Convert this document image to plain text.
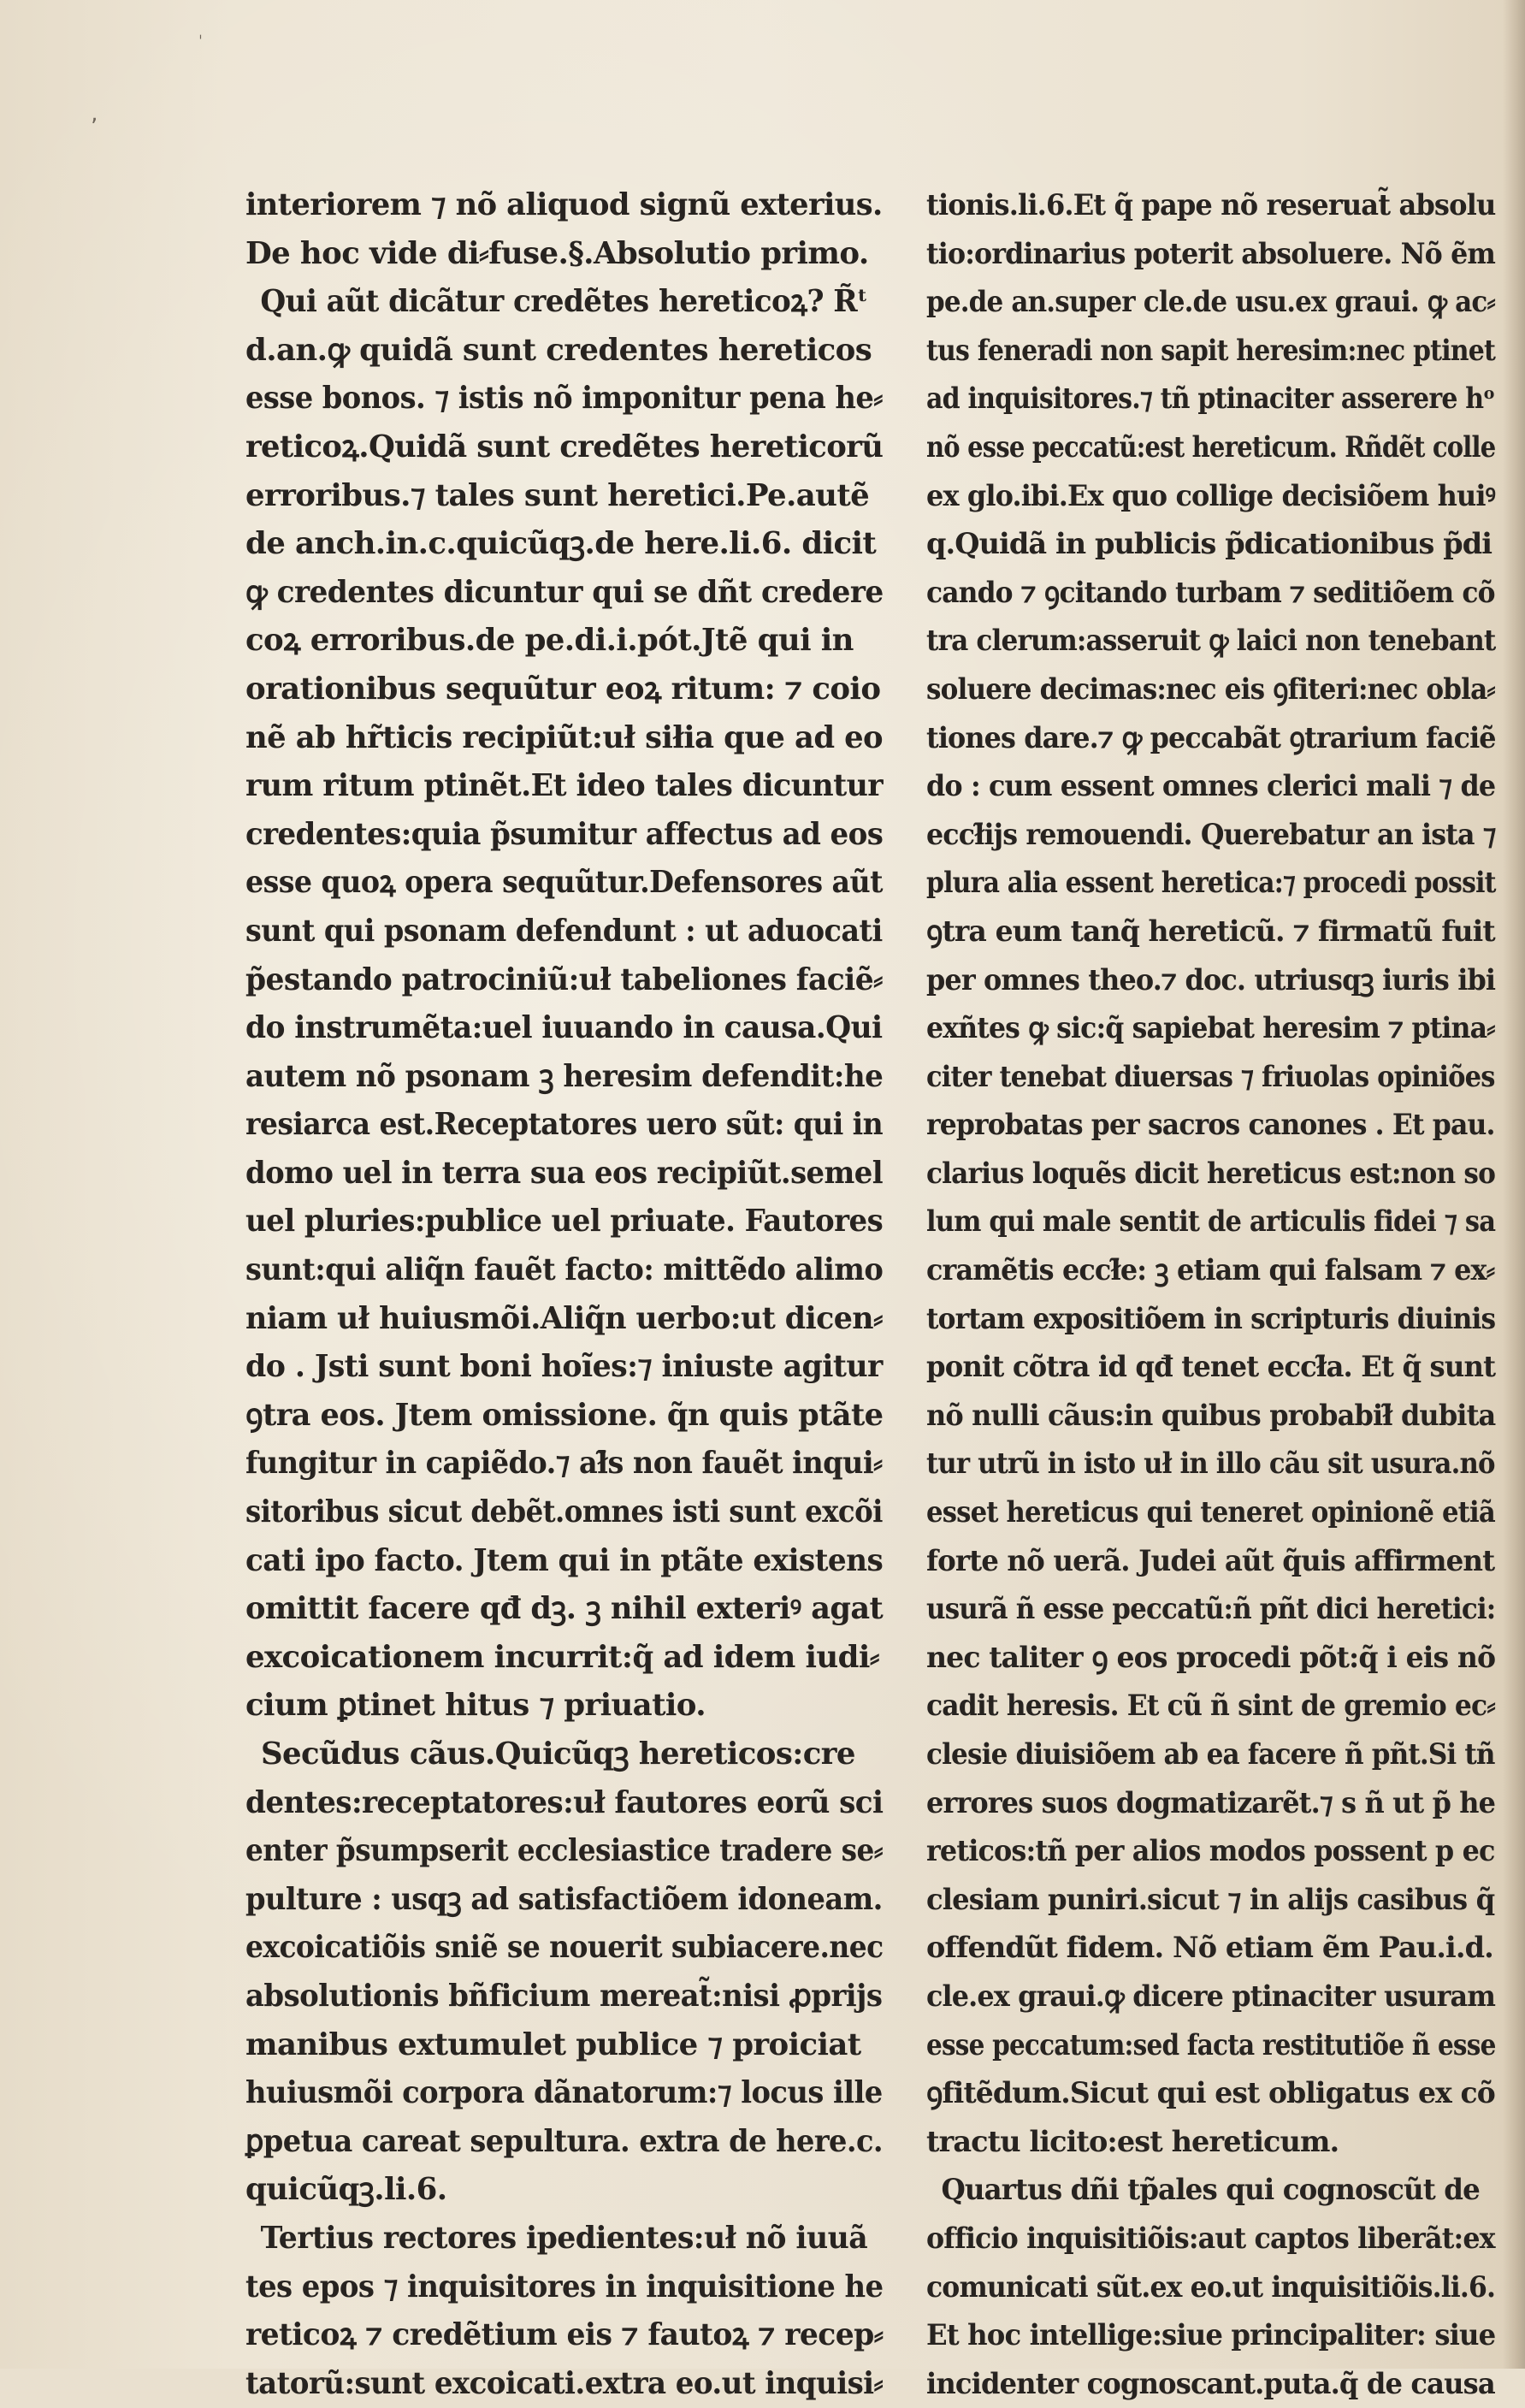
‚
ˈ
interiorem ⁊ nõ aliquod signũ exterius.
De hoc vide di⸗fuse.§.Absolutio primo.
Qui aũt dicãtur credẽtes hereticoꝝ? R̃ᵗ
d.an.ꝙ quidã sunt credentes hereticos
esse bonos. ⁊ istis nõ imponitur pena he⸗
reticoꝝ.Quidã sunt credẽtes hereticorũ
erroribus.⁊ tales sunt heretici.Pe.autẽ
de anch.in.c.quicũqꝫ.de here.li.6. dicit
ꝙ credentes dicuntur qui se dñt credere
coꝝ erroribus.de pe.di.i.pót.Jtẽ qui in
orationibus sequũtur eoꝝ ritum: ⁊ coio
nẽ ab hr̃ticis recipiũt:uł siłia que ad eo
rum ritum ptinẽt.Et ideo tales dicuntur
credentes:quia p̃sumitur affectus ad eos
esse quoꝝ opera sequũtur.Defensores aũt
sunt qui psonam defendunt : ut aduocati
p̃estando patrociniũ:uł tabeliones faciẽ⸗
do instrumẽta:uel iuuando in causa.Qui
autem nõ psonam ꝫ heresim defendit:he
resiarca est.Receptatores uero sũt: qui in
domo uel in terra sua eos recipiũt.semel
uel pluries:publice uel priuate. Fautores
sunt:qui aliq̃n fauẽt facto: mittẽdo alimo
niam uł huiusmõi.Aliq̃n uerbo:ut dicen⸗
do . Jsti sunt boni hoĩes:⁊ iniuste agitur
ꝯtra eos. Jtem omissione. q̃n quis ptãte
fungitur in capiẽdo.⁊ ał̃s non fauẽt inqui⸗
sitoribus sicut debẽt.omnes isti sunt excõi
cati ipo facto. Jtem qui in ptãte existens
omittit facere qđ dꝫ. ꝫ nihil exteriꝰ agat
excoicationem incurrit:q̃ ad idem iudi⸗
cium ꝑtinet hitus ⁊ priuatio.
Secũdus cãus.Quicũqꝫ hereticos:cre
dentes:receptatores:uł fautores eorũ sci
enter p̃sumpserit ecclesiastice tradere se⸗
pulture : usqꝫ ad satisfactiõem idoneam.
excoicatiõis sniẽ se nouerit subiacere.nec
absolutionis bñficium mereat̃:nisi ꝓprijs
manibus extumulet publice ⁊ proiciat
huiusmõi corpora dãnatorum:⁊ locus ille
ꝑpetua careat sepultura. extra de here.c.
quicũqꝫ.li.6.
Tertius rectores ipedientes:uł nõ iuuã
tes epos ⁊ inquisitores in inquisitione he
reticoꝝ ⁊ credẽtium eis ⁊ fautoꝝ ⁊ recep⸗
tatorũ:sunt excoicati.extra eo.ut inquisi⸗
tionis.li.6.Et q̃ pape nõ reseruat̃ absolu
tio:ordinarius poterit absoluere. Nõ ẽm
pe.de an.super cle.de usu.ex graui. ꝙ ac⸗
tus feneradi non sapit heresim:nec ptinet
ad inquisitores.⁊ tñ ptinaciter asserere hᵒ
nõ esse peccatũ:est hereticum. Rñdẽt colle
ex glo.ibi.Ex quo collige decisiõem huiꝰ
q.Quidã in publicis p̃dicationibus p̃di
cando ⁊ ꝯcitando turbam ⁊ seditiõem cõ
tra clerum:asseruit ꝙ laici non tenebant
soluere decimas:nec eis ꝯfiteri:nec obla⸗
tiones dare.⁊ ꝙ peccabãt ꝯtrarium faciẽ
do : cum essent omnes clerici mali ⁊ de
eccł̃ijs remouendi. Querebatur an ista ⁊
plura alia essent heretica:⁊ procedi possit
ꝯtra eum tanq̃ hereticũ. ⁊ firmatũ fuit
per omnes theo.⁊ doc. utriusqꝫ iuris ibi
exñtes ꝙ sic:q̃ sapiebat heresim ⁊ ptina⸗
citer tenebat diuersas ⁊ friuolas opiniões
reprobatas per sacros canones . Et pau.
clarius loquẽs dicit hereticus est:non so
lum qui male sentit de articulis fidei ⁊ sa
cramẽtis eccł̃e: ꝫ etiam qui falsam ⁊ ex⸗
tortam expositiõem in scripturis diuinis
ponit cõtra id qđ tenet eccł̃a. Et q̃ sunt
nõ nulli cãus:in quibus probabił̃ dubita
tur utrũ in isto uł in illo cãu sit usura.nõ
esset hereticus qui teneret opinionẽ etiã
forte nõ uerã. Judei aũt q̃uis affirment
usurã ñ esse peccatũ:ñ pñt dici heretici:
nec taliter ꝯ eos procedi põt:q̃ i eis nõ
cadit heresis. Et cũ ñ sint de gremio ec⸗
clesie diuisiõem ab ea facere ñ pñt.Si tñ
errores suos dogmatizarẽt.⁊ s ñ ut p̃ he
reticos:tñ per alios modos possent p ec
clesiam puniri.sicut ⁊ in alijs casibus q̃
offendũt fidem. Nõ etiam ẽm Pau.i.d.
cle.ex graui.ꝙ dicere ptinaciter usuram
esse peccatum:sed facta restitutiõe ñ esse
ꝯfitẽdum.Sicut qui est obligatus ex cõ
tractu licito:est hereticum.
Quartus dñi tp̃ales qui cognoscũt de
officio inquisitiõis:aut captos liberãt:ex
comunicati sũt.ex eo.ut inquisitiõis.li.6.
Et hoc intellige:siue principaliter: siue
incidenter cognoscant.puta.q̃ de causa
